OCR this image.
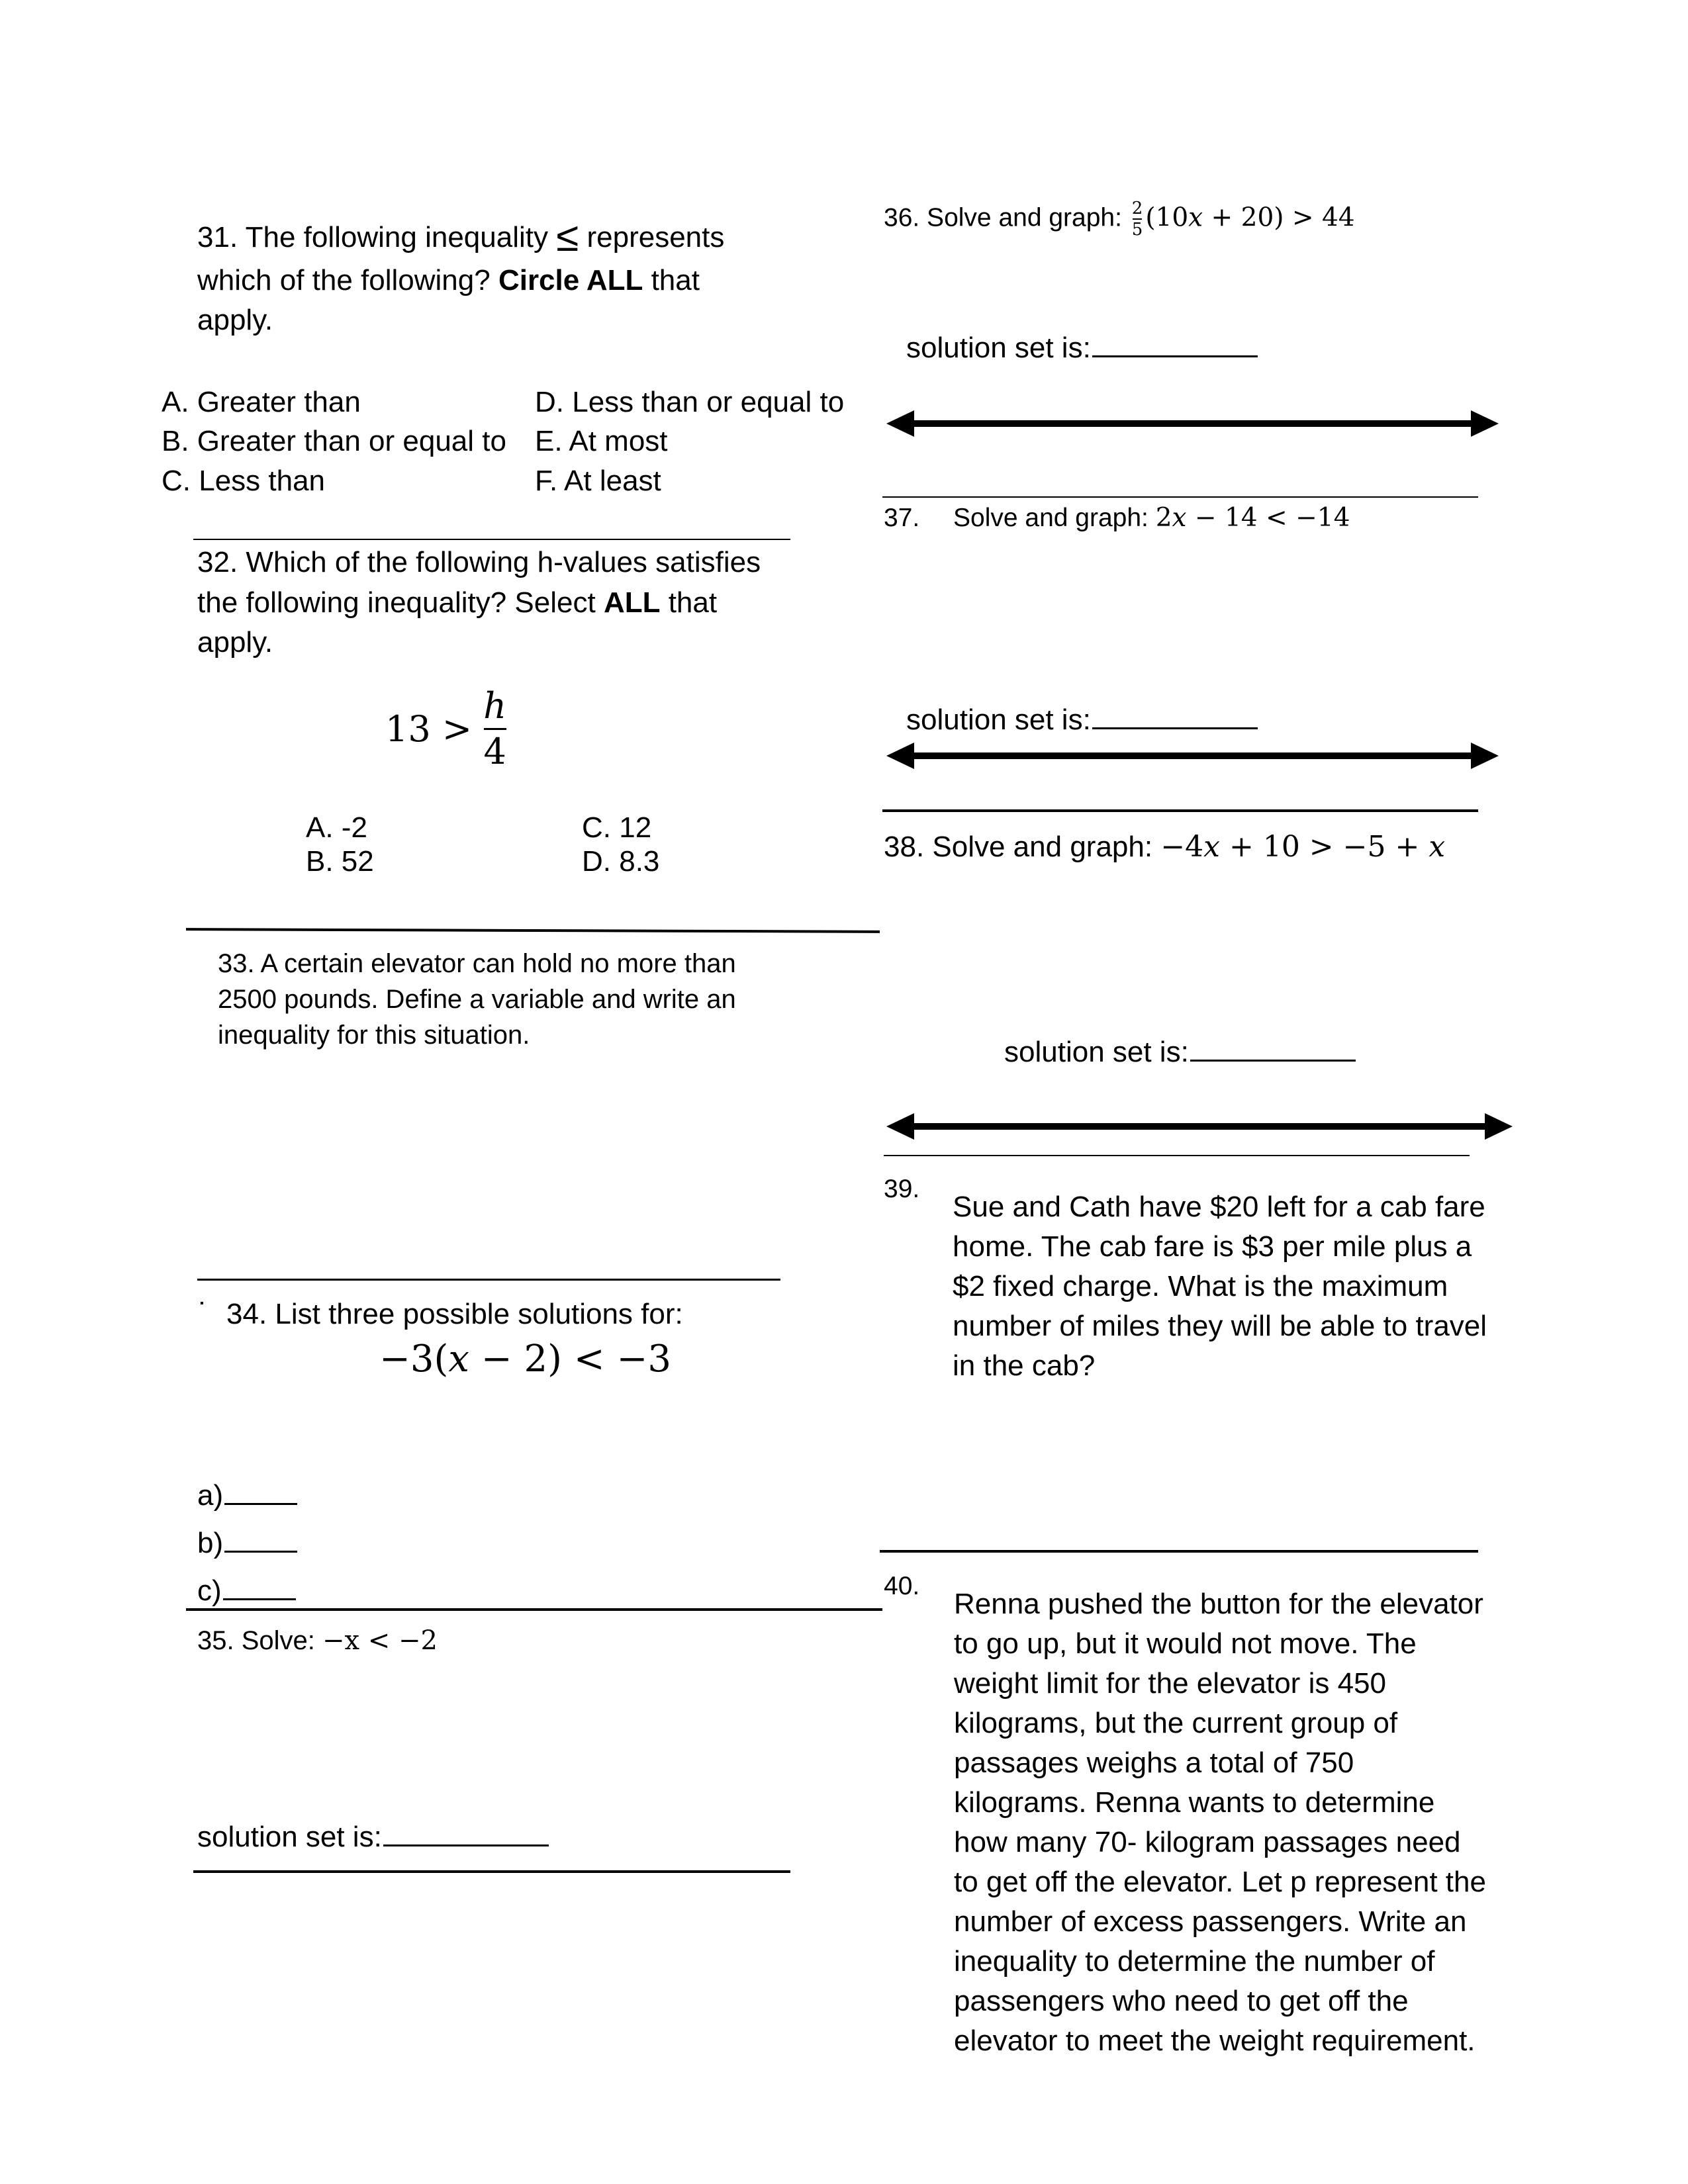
31. The following inequality ≤ represents
which of the following? Circle ALL that
apply.
A. Greater than
B. Greater than or equal to
C. Less than
D. Less than or equal to
E. At most
F. At least
32. Which of the following h-values satisfies
the following inequality? Select ALL that
apply.
$13 > \frac{h}{4}$
A. -2
B. 52
C. 12
D. 8.3
33. A certain elevator can hold no more than
2500 pounds. Define a variable and write an
inequality for this situation.
34. List three possible solutions for:
−3(𝑥 − 2) < −3
a)
b)
c)
35. Solve: −x < −2
solution set is:
36. Solve and graph: $\frac{2}{5}$ (10𝑥 + 20) > 44
solution set is:
37. Solve and graph: 2𝑥 − 14 < −14
solution set is:
38. Solve and graph: −4𝑥 + 10 > −5 + 𝑥
solution set is:
39.
Sue and Cath have $20 left for a cab fare
home. The cab fare is $3 per mile plus a
$2 fixed charge. What is the maximum
number of miles they will be able to travel
in the cab?
40.
Renna pushed the button for the elevator
to go up, but it would not move. The
weight limit for the elevator is 450
kilograms, but the current group of
passages weighs a total of 750
kilograms. Renna wants to determine
how many 70- kilogram passages need
to get off the elevator. Let p represent the
number of excess passengers. Write an
inequality to determine the number of
passengers who need to get off the
elevator to meet the weight requirement.
